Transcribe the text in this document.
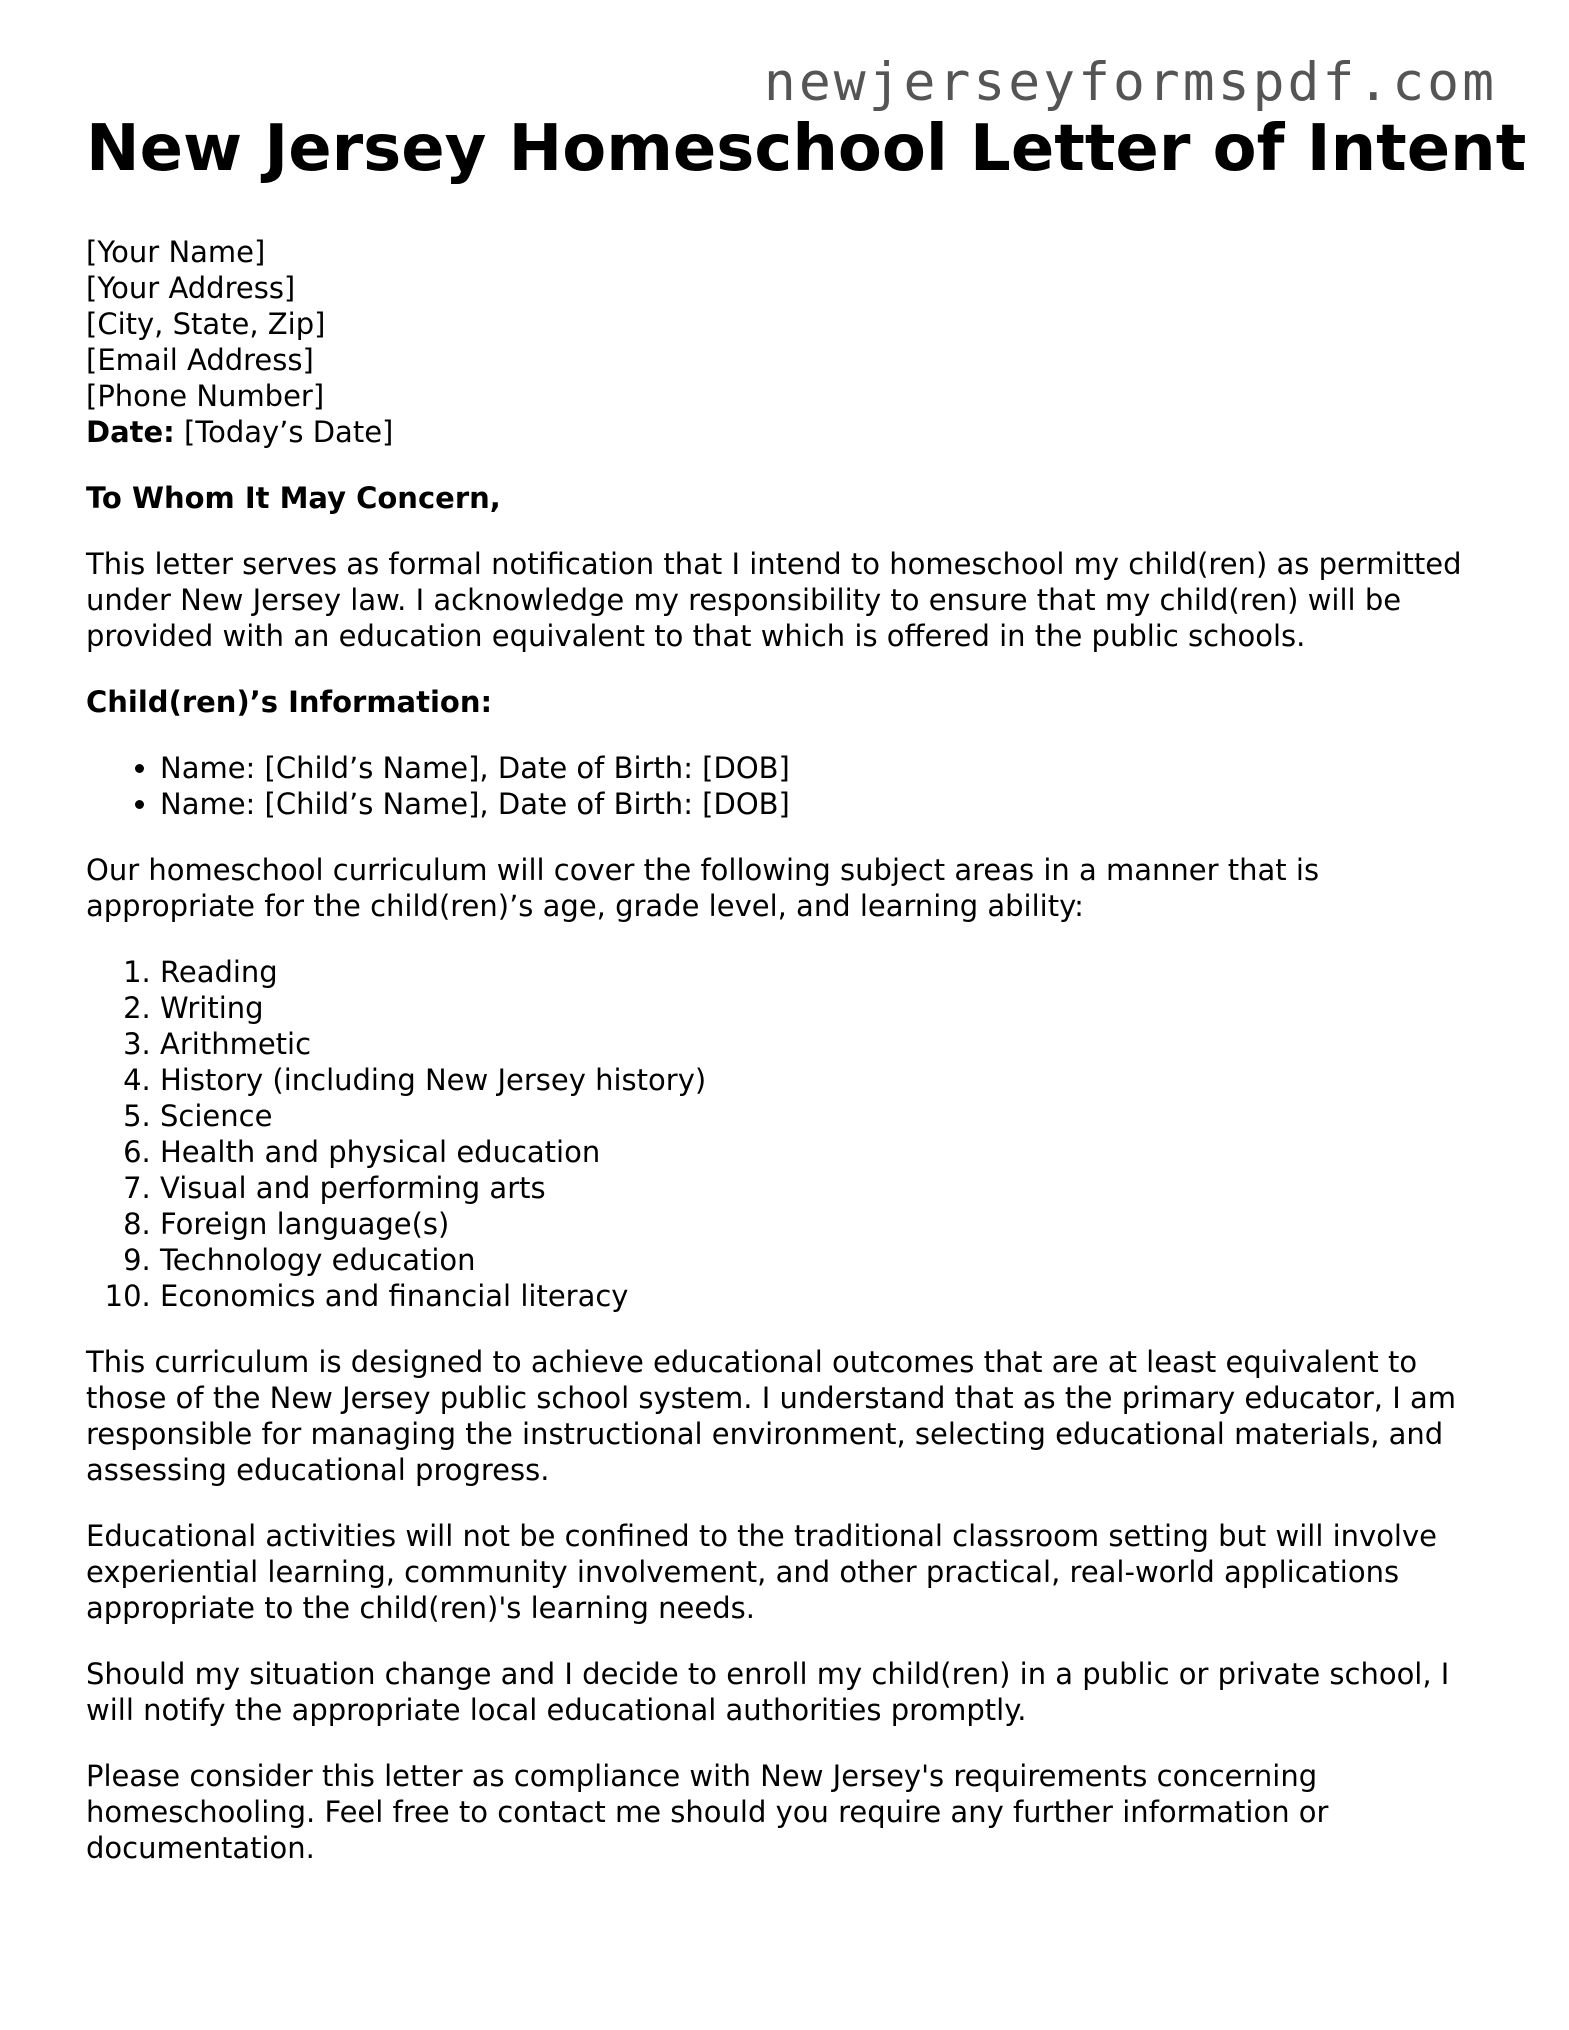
newjerseyformspdf.com
New Jersey Homeschool Letter of Intent
[Your Name]
[Your Address]
[City, State, Zip]
[Email Address]
[Phone Number]
Date: [Today’s Date]
To Whom It May Concern,

This letter serves as formal notification that I intend to homeschool my child(ren) as permitted under New Jersey law. I acknowledge my responsibility to ensure that my child(ren) will be provided with an education equivalent to that which is offered in the public schools.

Child(ren)’s Information:
• Name: [Child’s Name], Date of Birth: [DOB]
• Name: [Child’s Name], Date of Birth: [DOB]

Our homeschool curriculum will cover the following subject areas in a manner that is appropriate for the child(ren)’s age, grade level, and learning ability:

1. Reading
2. Writing
3. Arithmetic
4. History (including New Jersey history)
5. Science
6. Health and physical education
7. Visual and performing arts
8. Foreign language(s)
9. Technology education
10. Economics and financial literacy

This curriculum is designed to achieve educational outcomes that are at least equivalent to those of the New Jersey public school system. I understand that as the primary educator, I am responsible for managing the instructional environment, selecting educational materials, and assessing educational progress.

Educational activities will not be confined to the traditional classroom setting but will involve experiential learning, community involvement, and other practical, real-world applications appropriate to the child(ren)'s learning needs.

Should my situation change and I decide to enroll my child(ren) in a public or private school, I will notify the appropriate local educational authorities promptly.

Please consider this letter as compliance with New Jersey's requirements concerning homeschooling. Feel free to contact me should you require any further information or documentation.
